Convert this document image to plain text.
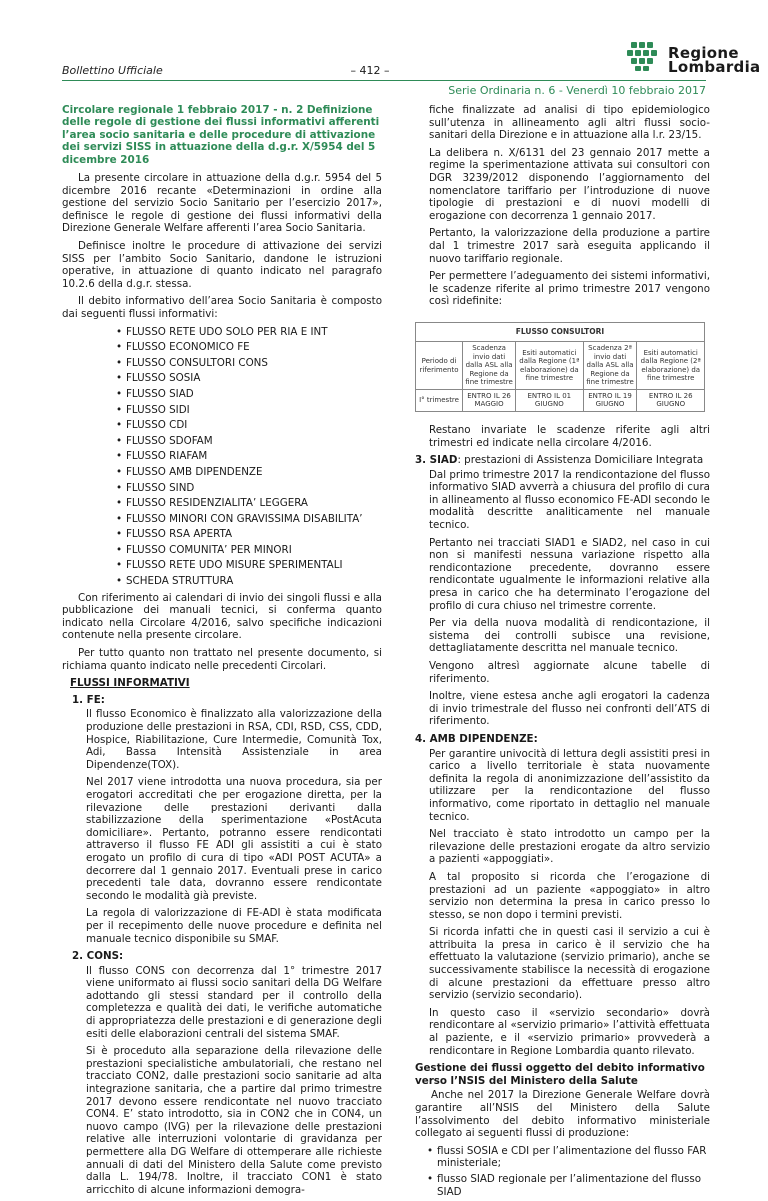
Bollettino Ufficiale	– 412 –
Regione
Lombardia
Serie Ordinaria n. 6 - Venerdì 10 febbraio 2017
Circolare regionale 1 febbraio 2017 - n. 2 Definizione delle regole di gestione dei flussi informativi afferenti l’area socio sanitaria e delle procedure di attivazione dei servizi SISS in attuazione della d.g.r. X/5954 del 5 dicembre 2016

La presente circolare in attuazione della d.g.r. 5954 del 5 dicembre 2016 recante «Determinazioni in ordine alla gestione del servizio Socio Sanitario per l’esercizio 2017», definisce le regole di gestione dei flussi informativi della Direzione Generale Welfare afferenti l’area Socio Sanitaria.

Definisce inoltre le procedure di attivazione dei servizi SISS per l’ambito Socio Sanitario, dandone le istruzioni operative, in attuazione di quanto indicato nel paragrafo 10.2.6 della d.g.r. stessa.

Il debito informativo dell’area Socio Sanitaria è composto dai seguenti flussi informativi:

• FLUSSO RETE UDO SOLO PER RIA E INT
• FLUSSO ECONOMICO FE
• FLUSSO CONSULTORI CONS
• FLUSSO SOSIA
• FLUSSO SIAD
• FLUSSO SIDI
• FLUSSO CDI
• FLUSSO SDOFAM
• FLUSSO RIAFAM
• FLUSSO AMB DIPENDENZE
• FLUSSO SIND
• FLUSSO RESIDENZIALITA’ LEGGERA
• FLUSSO MINORI CON GRAVISSIMA DISABILITA’
• FLUSSO RSA APERTA
• FLUSSO COMUNITA’ PER MINORI
• FLUSSO RETE UDO MISURE SPERIMENTALI
• SCHEDA STRUTTURA

Con riferimento ai calendari di invio dei singoli flussi e alla pubblicazione dei manuali tecnici, si conferma quanto indicato nella Circolare 4/2016, salvo specifiche indicazioni contenute nella presente circolare.

Per tutto quanto non trattato nel presente documento, si richiama quanto indicato nelle precedenti Circolari.

FLUSSI INFORMATIVI
1. FE:

Il flusso Economico è finalizzato alla valorizzazione della produzione delle prestazioni in RSA, CDI, RSD, CSS, CDD, Hospice, Riabilitazione, Cure Intermedie, Comunità Tox, Adi, Bassa Intensità Assistenziale in area Dipendenze(TOX).

Nel 2017 viene introdotta una nuova procedura, sia per erogatori accreditati che per erogazione diretta, per la rilevazione delle prestazioni derivanti dalla stabilizzazione della sperimentazione «PostAcuta domiciliare». Pertanto, potranno essere rendicontati attraverso il flusso FE ADI gli assistiti a cui è stato erogato un profilo di cura di tipo «ADI POST ACUTA» a decorrere dal 1 gennaio 2017. Eventuali prese in carico precedenti tale data, dovranno essere rendicontate secondo le modalità già previste.

La regola di valorizzazione di FE-ADI è stata modificata per il recepimento delle nuove procedure e definita nel manuale tecnico disponibile su SMAF.

2. CONS:

Il flusso CONS con decorrenza dal 1° trimestre 2017 viene uniformato ai flussi socio sanitari della DG Welfare adottando gli stessi standard per il controllo della completezza e qualità dei dati, le verifiche automatiche di appropriatezza delle prestazioni e di generazione degli esiti delle elaborazioni centrali del sistema SMAF.

Si è proceduto alla separazione della rilevazione delle prestazioni specialistiche ambulatoriali, che restano nel tracciato CON2, dalle prestazioni socio sanitarie ad alta integrazione sanitaria, che a partire dal primo trimestre 2017 devono essere rendicontate nel nuovo tracciato CON4. E’ stato introdotto, sia in CON2 che in CON4, un nuovo campo (IVG) per la rilevazione delle prestazioni relative alle interruzioni volontarie di gravidanza per permettere alla DG Welfare di ottemperare alle richieste annuali di dati del Ministero della Salute come previsto dalla L. 194/78. Inoltre, il tracciato CON1 è stato arricchito di alcune informazioni demogra-

fiche finalizzate ad analisi di tipo epidemiologico sull’utenza in allineamento agli altri flussi socio-sanitari della Direzione e in attuazione alla l.r. 23/15.

La delibera n. X/6131 del 23 gennaio 2017 mette a regime la sperimentazione attivata sui consultori con DGR 3239/2012 disponendo l’aggiornamento del nomenclatore tariffario per l’introduzione di nuove tipologie di prestazioni e di nuovi modelli di erogazione con decorrenza 1 gennaio 2017.

Pertanto, la valorizzazione della produzione a partire dal 1 trimestre 2017 sarà eseguita applicando il nuovo tariffario regionale.

Per permettere l’adeguamento dei sistemi informativi, le scadenze riferite al primo trimestre 2017 vengono così ridefinite:

FLUSSO CONSULTORI				
Periodo di riferimento	Scadenza invio dati dalla ASL alla Regione da fine trimestre	Esiti automatici dalla Regione (1ª elaborazione) da fine trimestre	Scadenza 2ª invio dati dalla ASL alla Regione da fine trimestre	Esiti automatici dalla Regione (2ª elaborazione) da fine trimestre
I° trimestre	ENTRO IL 26 MAGGIO	ENTRO IL 01 GIUGNO	ENTRO IL 19 GIUGNO	ENTRO IL 26 GIUGNO

Restano invariate le scadenze riferite agli altri trimestri ed indicate nella circolare 4/2016.

3. SIAD: prestazioni di Assistenza Domiciliare Integrata

Dal primo trimestre 2017 la rendicontazione del flusso informativo SIAD avverrà a chiusura del profilo di cura in allineamento al flusso economico FE-ADI secondo le modalità descritte analiticamente nel manuale tecnico.

Pertanto nei tracciati SIAD1 e SIAD2, nel caso in cui non si manifesti nessuna variazione rispetto alla rendicontazione precedente, dovranno essere rendicontate ugualmente le informazioni relative alla presa in carico che ha determinato l’erogazione del profilo di cura chiuso nel trimestre corrente.

Per via della nuova modalità di rendicontazione, il sistema dei controlli subisce una revisione, dettagliatamente descritta nel manuale tecnico.

Vengono altresì aggiornate alcune tabelle di riferimento.

Inoltre, viene estesa anche agli erogatori la cadenza di invio trimestrale del flusso nei confronti dell’ATS di riferimento.

4. AMB DIPENDENZE:

Per garantire univocità di lettura degli assistiti presi in carico a livello territoriale è stata nuovamente definita la regola di anonimizzazione dell’assistito da utilizzare per la rendicontazione del flusso informativo, come riportato in dettaglio nel manuale tecnico.

Nel tracciato è stato introdotto un campo per la rilevazione delle prestazioni erogate da altro servizio a pazienti «appoggiati».

A tal proposito si ricorda che l’erogazione di prestazioni ad un paziente «appoggiato» in altro servizio non determina la presa in carico presso lo stesso, se non dopo i termini previsti.

Si ricorda infatti che in questi casi il servizio a cui è attribuita la presa in carico è il servizio che ha effettuato la valutazione (servizio primario), anche se successivamente stabilisce la necessità di erogazione di alcune prestazioni da effettuare presso altro servizio (servizio secondario).

In questo caso il «servizio secondario» dovrà rendicontare al «servizio primario» l’attività effettuata al paziente, e il «servizio primario» provvederà a rendicontare in Regione Lombardia quanto rilevato.

Gestione dei flussi oggetto del debito informativo verso l’NSIS del Ministero della Salute

Anche nel 2017 la Direzione Generale Welfare dovrà garantire all’NSIS del Ministero della Salute l’assolvimento del debito informativo ministeriale collegato ai seguenti flussi di produzione:

• flussi SOSIA e CDI per l’alimentazione del flusso FAR ministeriale;
• flusso SIAD regionale per l’alimentazione del flusso SIAD
